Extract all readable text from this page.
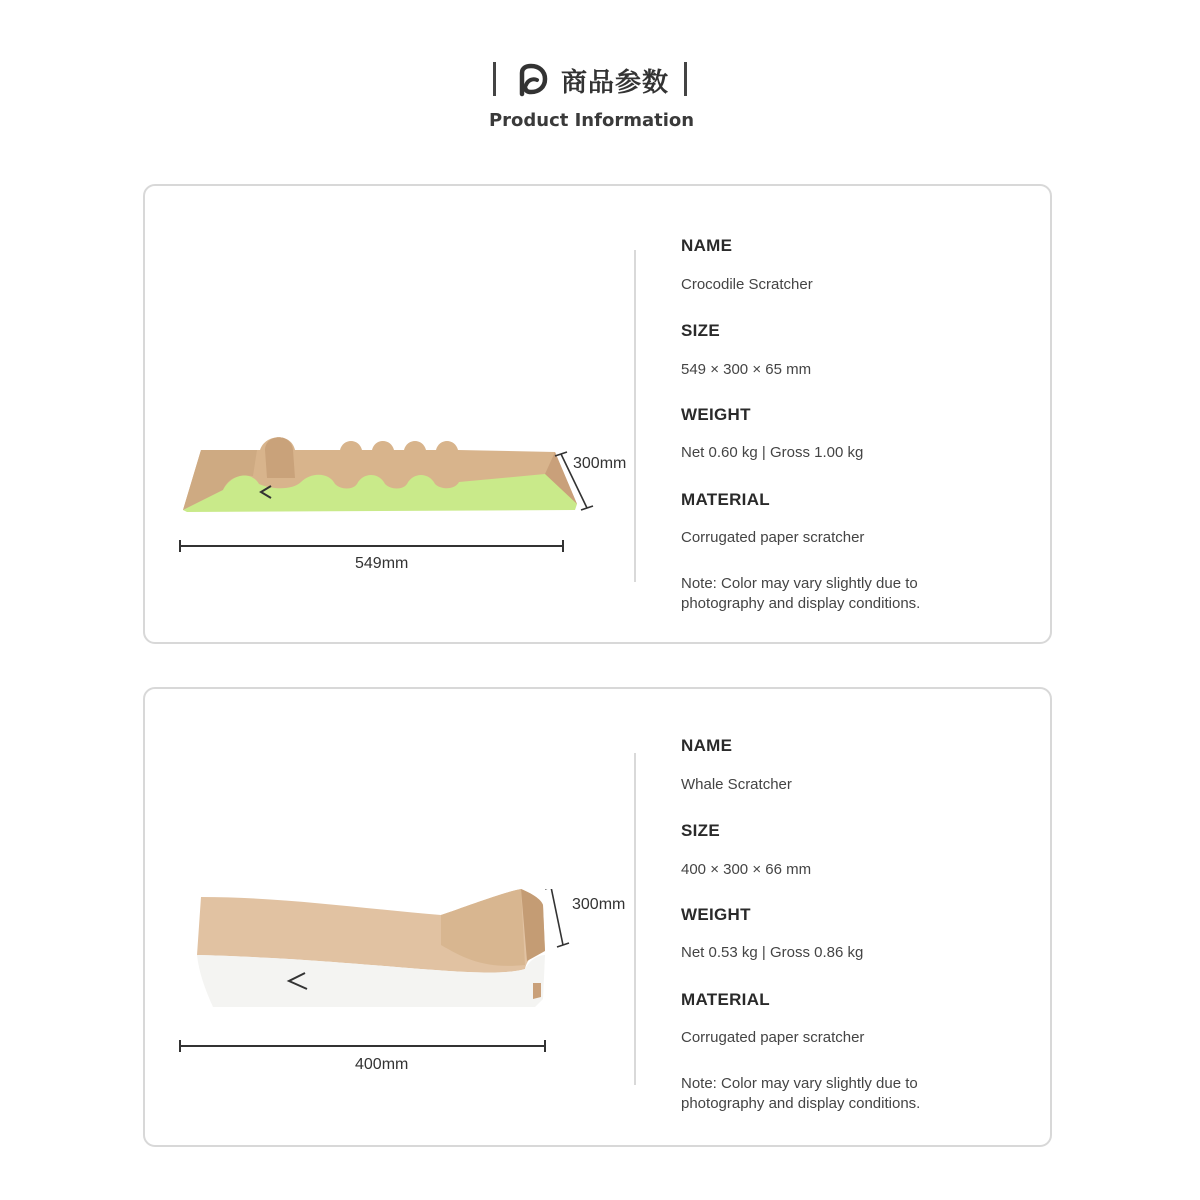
商品参数
Product Information
549mm
300mm
NAME
Crocodile Scratcher
SIZE
549 × 300 × 65 mm
WEIGHT
Net 0.60 kg | Gross 1.00 kg
MATERIAL
Corrugated paper scratcher
Note: Color may vary slightly due to photography and display conditions.
400mm
300mm
NAME
Whale Scratcher
SIZE
400 × 300 × 66 mm
WEIGHT
Net 0.53 kg | Gross 0.86 kg
MATERIAL
Corrugated paper scratcher
Note: Color may vary slightly due to photography and display conditions.
